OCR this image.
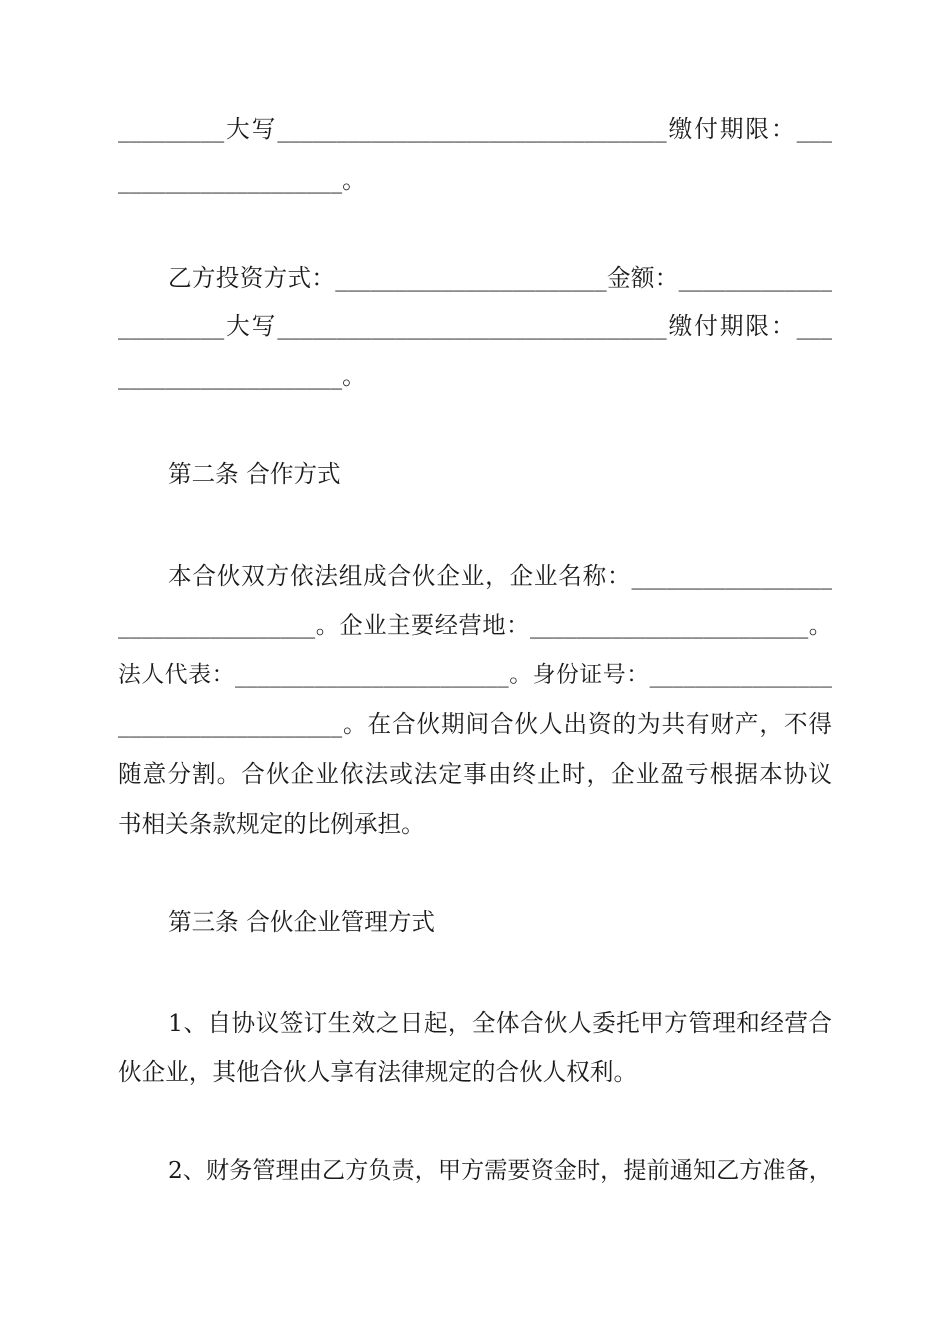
_________大写_________________________________缴付期限：___
___________________。
乙方投资方式：_______________________金额：_____________
_________大写_________________________________缴付期限：___
___________________。
第二条 合作方式
本合伙双方依法组成合伙企业，企业名称：_________________
_________________。企业主要经营地：________________________。
法人代表：________________________。身份证号：________________
___________________。在合伙期间合伙人出资的为共有财产，不得
随意分割。合伙企业依法或法定事由终止时，企业盈亏根据本协议
书相关条款规定的比例承担。
第三条 合伙企业管理方式
1、自协议签订生效之日起，全体合伙人委托甲方管理和经营合
伙企业，其他合伙人享有法律规定的合伙人权利。
2、财务管理由乙方负责，甲方需要资金时，提前通知乙方准备，
